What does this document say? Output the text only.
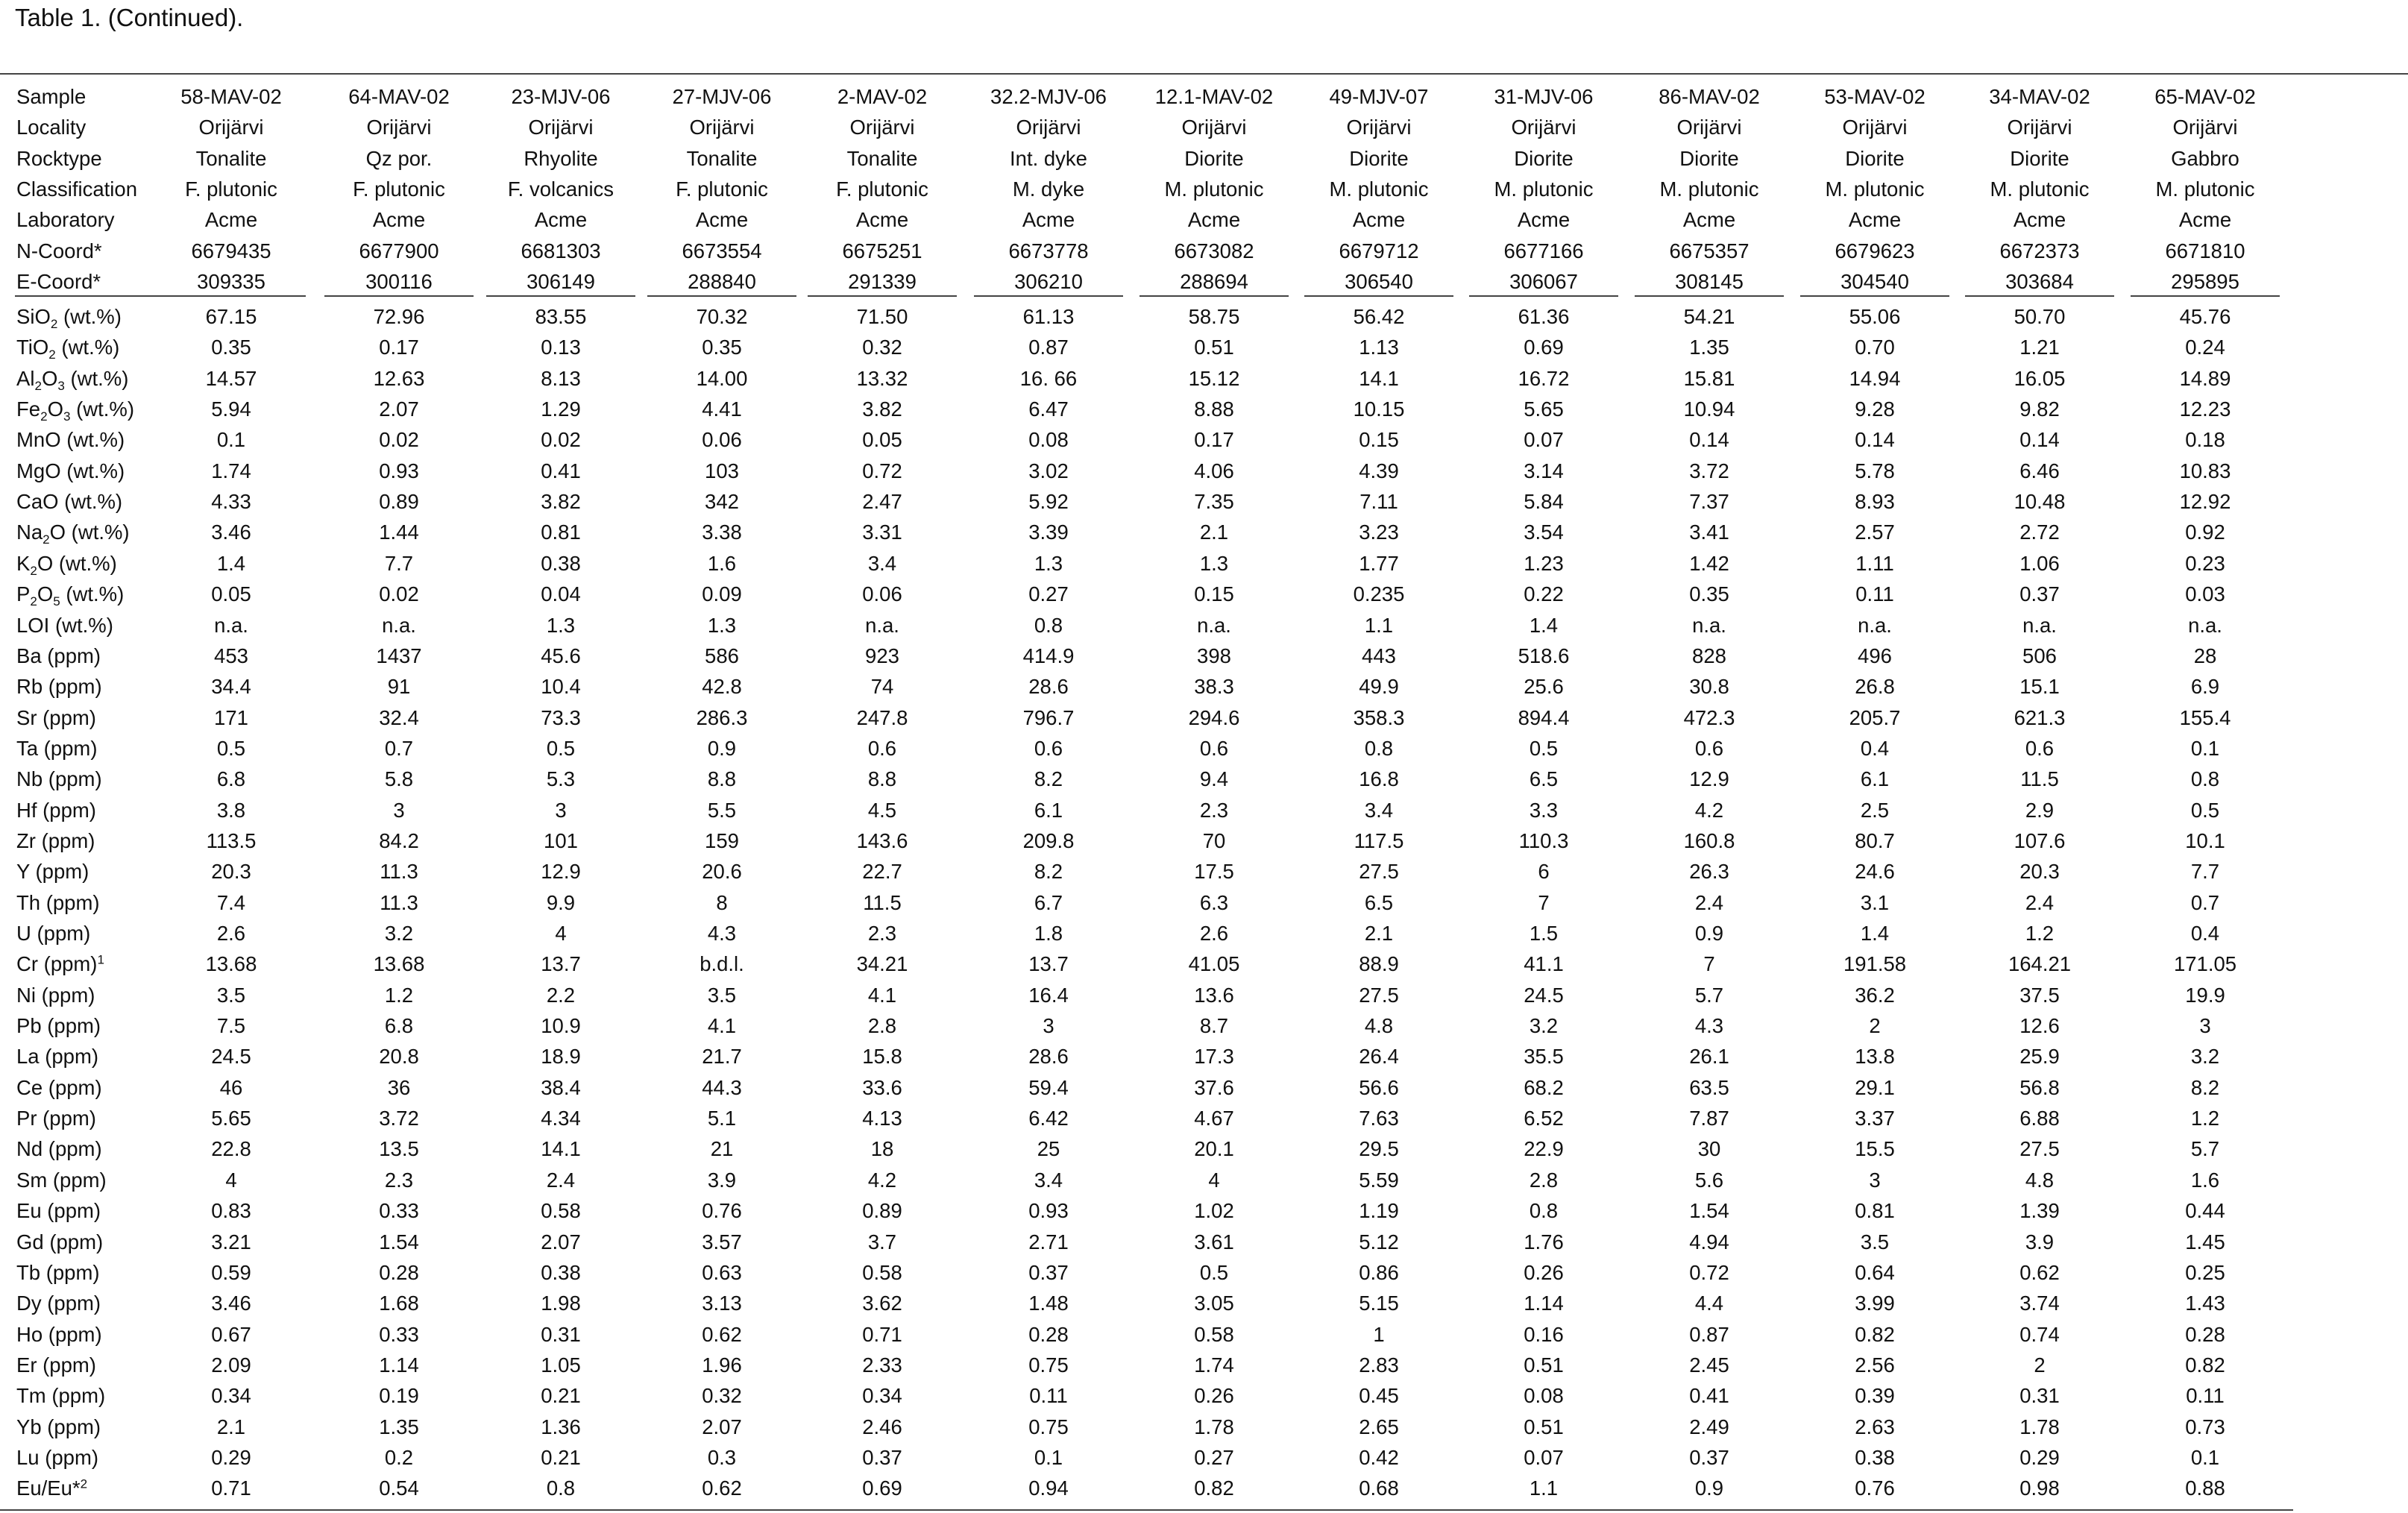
Table 1. (Continued).
Sample	58-MAV-02	64-MAV-02	23-MJV-06	27-MJV-06	2-MAV-02	32.2-MJV-06	12.1-MAV-02	49-MJV-07	31-MJV-06	86-MAV-02	53-MAV-02	34-MAV-02	65-MAV-02
Locality	Orijärvi	Orijärvi	Orijärvi	Orijärvi	Orijärvi	Orijärvi	Orijärvi	Orijärvi	Orijärvi	Orijärvi	Orijärvi	Orijärvi	Orijärvi
Rocktype	Tonalite	Qz por.	Rhyolite	Tonalite	Tonalite	Int. dyke	Diorite	Diorite	Diorite	Diorite	Diorite	Diorite	Gabbro
Classification	F. plutonic	F. plutonic	F. volcanics	F. plutonic	F. plutonic	M. dyke	M. plutonic	M. plutonic	M. plutonic	M. plutonic	M. plutonic	M. plutonic	M. plutonic
Laboratory	Acme	Acme	Acme	Acme	Acme	Acme	Acme	Acme	Acme	Acme	Acme	Acme	Acme
N-Coord*	6679435	6677900	6681303	6673554	6675251	6673778	6673082	6679712	6677166	6675357	6679623	6672373	6671810
E-Coord*	309335	300116	306149	288840	291339	306210	288694	306540	306067	308145	304540	303684	295895
SiO$_2$ (wt.%)	67.15	72.96	83.55	70.32	71.50	61.13	58.75	56.42	61.36	54.21	55.06	50.70	45.76
TiO$_2$ (wt.%)	0.35	0.17	0.13	0.35	0.32	0.87	0.51	1.13	0.69	1.35	0.70	1.21	0.24
$Al_2O_3$ (wt.%)	14.57	12.63	8.13	14.00	13.32	16. 66	15.12	14.1	16.72	15.81	14.94	16.05	14.89
$Fe_2O_3$ (wt.%)	5.94	2.07	1.29	4.41	3.82	6.47	8.88	10.15	5.65	10.94	9.28	9.82	12.23
MnO (wt.%)	0.1	0.02	0.02	0.06	0.05	0.08	0.17	0.15	0.07	0.14	0.14	0.14	0.18
MgO (wt.%)	1.74	0.93	0.41	103	0.72	3.02	4.06	4.39	3.14	3.72	5.78	6.46	10.83
CaO (wt.%)	4.33	0.89	3.82	342	2.47	5.92	7.35	7.11	5.84	7.37	8.93	10.48	12.92
$Na_2O$ (wt.%)	3.46	1.44	0.81	3.38	3.31	3.39	2.1	3.23	3.54	3.41	2.57	2.72	0.92
$K_2O$ (wt.%)	1.4	7.7	0.38	1.6	3.4	1.3	1.3	1.77	1.23	1.42	1.11	1.06	0.23
$P_2O_5$ (wt.%)	0.05	0.02	0.04	0.09	0.06	0.27	0.15	0.235	0.22	0.35	0.11	0.37	0.03
LOI (wt.%)	n.a.	n.a.	1.3	1.3	n.a.	0.8	n.a.	1.1	1.4	n.a.	n.a.	n.a.	n.a.
Ba (ppm)	453	1437	45.6	586	923	414.9	398	443	518.6	828	496	506	28
Rb (ppm)	34.4	91	10.4	42.8	74	28.6	38.3	49.9	25.6	30.8	26.8	15.1	6.9
Sr (ppm)	171	32.4	73.3	286.3	247.8	796.7	294.6	358.3	894.4	472.3	205.7	621.3	155.4
Ta (ppm)	0.5	0.7	0.5	0.9	0.6	0.6	0.6	0.8	0.5	0.6	0.4	0.6	0.1
Nb (ppm)	6.8	5.8	5.3	8.8	8.8	8.2	9.4	16.8	6.5	12.9	6.1	11.5	0.8
Hf (ppm)	3.8	3	3	5.5	4.5	6.1	2.3	3.4	3.3	4.2	2.5	2.9	0.5
Zr (ppm)	113.5	84.2	101	159	143.6	209.8	70	117.5	110.3	160.8	80.7	107.6	10.1
Y (ppm)	20.3	11.3	12.9	20.6	22.7	8.2	17.5	27.5	6	26.3	24.6	20.3	7.7
Th (ppm)	7.4	11.3	9.9	8	11.5	6.7	6.3	6.5	7	2.4	3.1	2.4	0.7
U (ppm)	2.6	3.2	4	4.3	2.3	1.8	2.6	2.1	1.5	0.9	1.4	1.2	0.4
Cr (ppm)$^1$	13.68	13.68	13.7	b.d.l.	34.21	13.7	41.05	88.9	41.1	7	191.58	164.21	171.05
Ni (ppm)	3.5	1.2	2.2	3.5	4.1	16.4	13.6	27.5	24.5	5.7	36.2	37.5	19.9
Pb (ppm)	7.5	6.8	10.9	4.1	2.8	3	8.7	4.8	3.2	4.3	2	12.6	3
La (ppm)	24.5	20.8	18.9	21.7	15.8	28.6	17.3	26.4	35.5	26.1	13.8	25.9	3.2
Ce (ppm)	46	36	38.4	44.3	33.6	59.4	37.6	56.6	68.2	63.5	29.1	56.8	8.2
Pr (ppm)	5.65	3.72	4.34	5.1	4.13	6.42	4.67	7.63	6.52	7.87	3.37	6.88	1.2
Nd (ppm)	22.8	13.5	14.1	21	18	25	20.1	29.5	22.9	30	15.5	27.5	5.7
Sm (ppm)	4	2.3	2.4	3.9	4.2	3.4	4	5.59	2.8	5.6	3	4.8	1.6
Eu (ppm)	0.83	0.33	0.58	0.76	0.89	0.93	1.02	1.19	0.8	1.54	0.81	1.39	0.44
Gd (ppm)	3.21	1.54	2.07	3.57	3.7	2.71	3.61	5.12	1.76	4.94	3.5	3.9	1.45
Tb (ppm)	0.59	0.28	0.38	0.63	0.58	0.37	0.5	0.86	0.26	0.72	0.64	0.62	0.25
Dy (ppm)	3.46	1.68	1.98	3.13	3.62	1.48	3.05	5.15	1.14	4.4	3.99	3.74	1.43
Ho (ppm)	0.67	0.33	0.31	0.62	0.71	0.28	0.58	1	0.16	0.87	0.82	0.74	0.28
Er (ppm)	2.09	1.14	1.05	1.96	2.33	0.75	1.74	2.83	0.51	2.45	2.56	2	0.82
Tm (ppm)	0.34	0.19	0.21	0.32	0.34	0.11	0.26	0.45	0.08	0.41	0.39	0.31	0.11
Yb (ppm)	2.1	1.35	1.36	2.07	2.46	0.75	1.78	2.65	0.51	2.49	2.63	1.78	0.73
Lu (ppm)	0.29	0.2	0.21	0.3	0.37	0.1	0.27	0.42	0.07	0.37	0.38	0.29	0.1
Eu/Eu*$^2$	0.71	0.54	0.8	0.62	0.69	0.94	0.82	0.68	1.1	0.9	0.76	0.98	0.88
